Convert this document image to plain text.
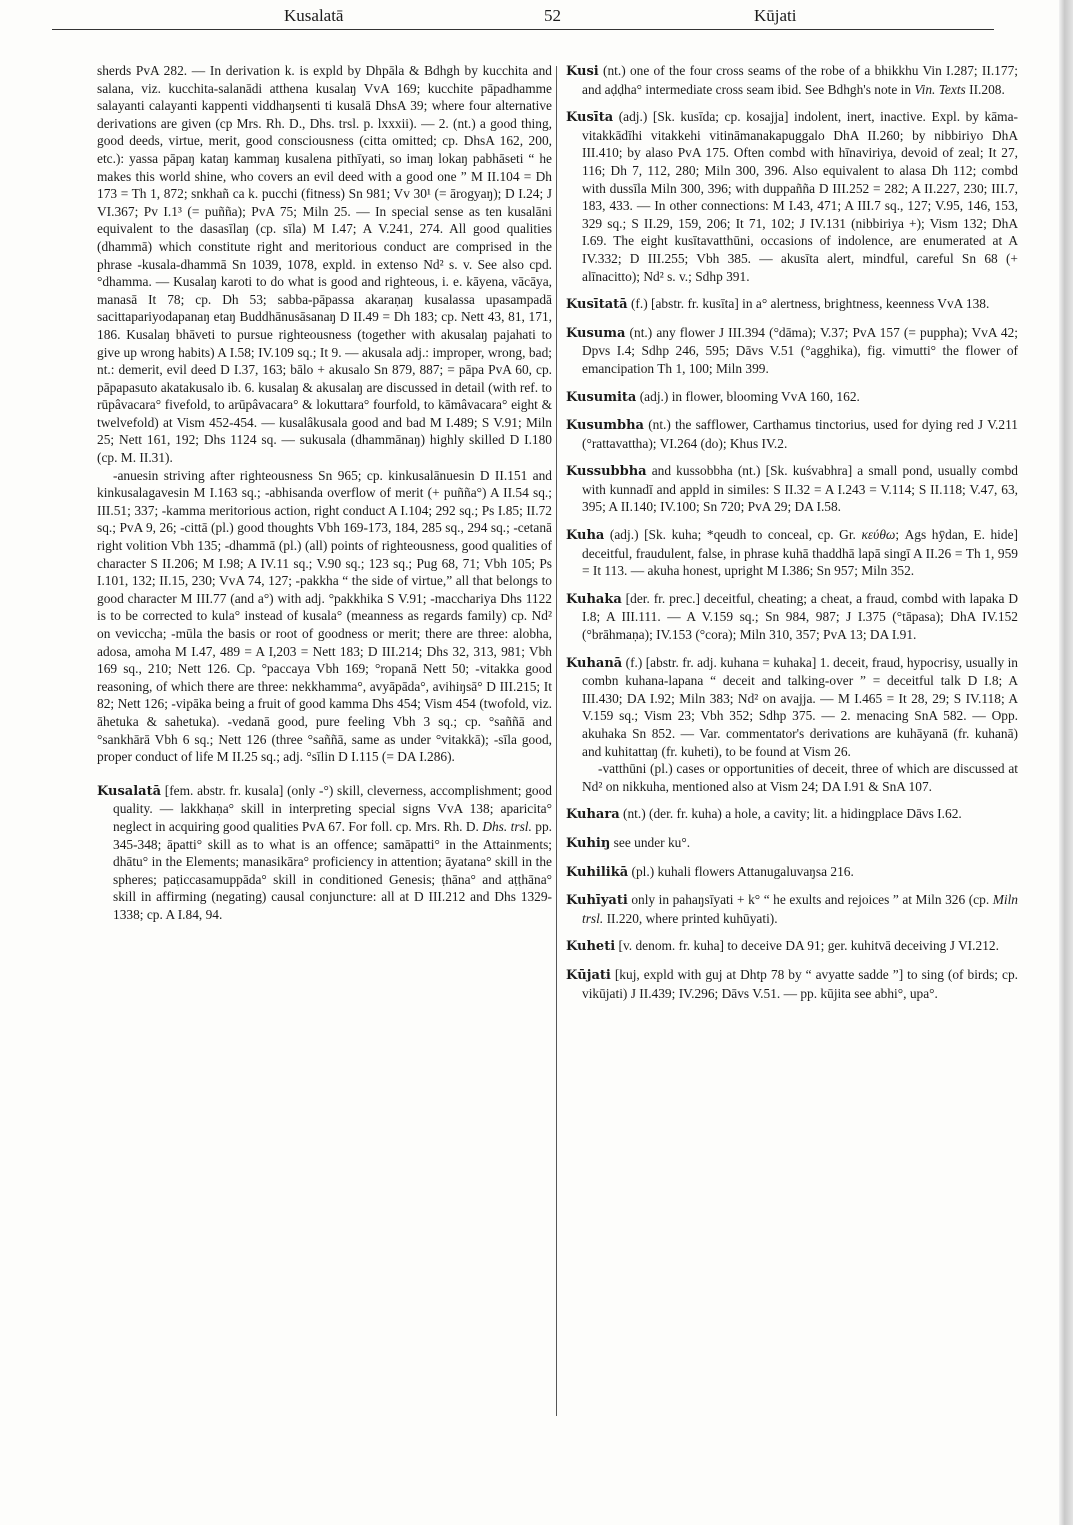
Kusalatā	52	Kūjati

sherds PvA 282. — In derivation k. is expld by Dhpāla & Bdhgh by kucchita and salana, viz. kucchita-salanādi atthena kusalaŋ VvA 169; kucchite pāpadhamme salayanti calayanti kappenti viddhaŋsenti ti kusalā DhsA 39; where four alternative derivations are given (cp Mrs. Rh. D., Dhs. trsl. p. lxxxii). — 2. (nt.) a good thing, good deeds, virtue, merit, good consciousness (citta omitted; cp. DhsA 162, 200, etc.): yassa pāpaŋ kataŋ kammaŋ kusalena pithīyati, so imaŋ lokaŋ pabhāseti “ he makes this world shine, who covers an evil deed with a good one ” M II.104 = Dh 173 = Th 1, 872; snkhañ ca k. pucchi (fitness) Sn 981; Vv 30¹ (= ārogyaŋ); D I.24; J VI.367; Pv I.1³ (= puñña); PvA 75; Miln 25. — In special sense as ten kusalāni equivalent to the dasasīlaŋ (cp. sīla) M I.47; A V.241, 274. All good qualities (dhammā) which constitute right and meritorious conduct are comprised in the phrase -kusala-dhammā Sn 1039, 1078, expld. in extenso Nd² s. v. See also cpd. °dhamma. — Kusalaŋ karoti to do what is good and righteous, i. e. kāyena, vācāya, manasā It 78; cp. Dh 53; sabba-pāpassa akaraṇaŋ kusalassa upasampadā sacittapariyodapanaŋ etaŋ Buddhānusāsanaŋ D II.49 = Dh 183; cp. Nett 43, 81, 171, 186. Kusalaŋ bhāveti to pursue righteousness (together with akusalaŋ pajahati to give up wrong habits) A I.58; IV.109 sq.; It 9. — akusala adj.: improper, wrong, bad; nt.: demerit, evil deed D I.37, 163; bālo + akusalo Sn 879, 887; = pāpa PvA 60, cp. pāpapasuto akatakusalo ib. 6. kusalaŋ & akusalaŋ are discussed in detail (with ref. to rūpâvacara° fivefold, to arūpâvacara° & lokuttara° fourfold, to kāmâvacara° eight & twelvefold) at Vism 452-454. — kusalâkusala good and bad M I.489; S V.91; Miln 25; Nett 161, 192; Dhs 1124 sq. — sukusala (dhammānaŋ) highly skilled D I.180 (cp. M. II.31).

-anuesin striving after righteousness Sn 965; cp. kinkusalānuesin D II.151 and kinkusalagavesin M I.163 sq.; -abhisanda overflow of merit (+ puñña°) A II.54 sq.; III.51; 337; -kamma meritorious action, right conduct A I.104; 292 sq.; Ps I.85; II.72 sq.; PvA 9, 26; -cittā (pl.) good thoughts Vbh 169-173, 184, 285 sq., 294 sq.; -cetanā right volition Vbh 135; -dhammā (pl.) (all) points of righteousness, good qualities of character S II.206; M I.98; A IV.11 sq.; V.90 sq.; 123 sq.; Pug 68, 71; Vbh 105; Ps I.101, 132; II.15, 230; VvA 74, 127; -pakkha “ the side of virtue,” all that belongs to good character M III.77 (and a°) with adj. °pakkhika S V.91; -macchariya Dhs 1122 is to be corrected to kula° instead of kusala° (meanness as regards family) cp. Nd² on veviccha; -mūla the basis or root of goodness or merit; there are three: alobha, adosa, amoha M I.47, 489 = A I,203 = Nett 183; D III.214; Dhs 32, 313, 981; Vbh 169 sq., 210; Nett 126. Cp. °paccaya Vbh 169; °ropanā Nett 50; -vitakka good reasoning, of which there are three: nekkhamma°, avyāpāda°, avihiŋsā° D III.215; It 82; Nett 126; -vipāka being a fruit of good kamma Dhs 454; Vism 454 (twofold, viz. āhetuka & sahetuka). -vedanā good, pure feeling Vbh 3 sq.; cp. °saññā and °sankhārā Vbh 6 sq.; Nett 126 (three °saññā, same as under °vitakkā); -sīla good, proper conduct of life M II.25 sq.; adj. °sīlin D I.115 (= DA I.286).

Kusalatā [fem. abstr. fr. kusala] (only -°) skill, cleverness, accomplishment; good quality. — lakkhaṇa° skill in interpreting special signs VvA 138; aparicita° neglect in acquiring good qualities PvA 67. For foll. cp. Mrs. Rh. D. Dhs. trsl. pp. 345-348; āpatti° skill as to what is an offence; samāpatti° in the Attainments; dhātu° in the Elements; manasikāra° proficiency in attention; āyatana° skill in the spheres; paṭiccasamuppāda° skill in conditioned Genesis; ṭhāna° and aṭṭhāna° skill in affirming (negating) causal conjuncture: all at D III.212 and Dhs 1329-1338; cp. A I.84, 94.

Kusi (nt.) one of the four cross seams of the robe of a bhikkhu Vin I.287; II.177; and aḍḍha° intermediate cross seam ibid. See Bdhgh's note in Vin. Texts II.208.

Kusīta (adj.) [Sk. kusīda; cp. kosajja] indolent, inert, inactive. Expl. by kāma-vitakkādīhi vitakkehi vitināmanakapuggalo DhA II.260; by nibbiriyo DhA III.410; by alaso PvA 175. Often combd with hīnaviriya, devoid of zeal; It 27, 116; Dh 7, 112, 280; Miln 300, 396. Also equivalent to alasa Dh 112; combd with dussīla Miln 300, 396; with duppañña D III.252 = 282; A II.227, 230; III.7, 183, 433. — In other connections: M I.43, 471; A III.7 sq., 127; V.95, 146, 153, 329 sq.; S II.29, 159, 206; It 71, 102; J IV.131 (nibbiriya +); Vism 132; DhA I.69. The eight kusītavatthūni, occasions of indolence, are enumerated at A IV.332; D III.255; Vbh 385. — akusīta alert, mindful, careful Sn 68 (+ alīnacitto); Nd² s. v.; Sdhp 391.

Kusītatā (f.) [abstr. fr. kusīta] in a° alertness, brightness, keenness VvA 138.

Kusuma (nt.) any flower J III.394 (°dāma); V.37; PvA 157 (= puppha); VvA 42; Dpvs I.4; Sdhp 246, 595; Dāvs V.51 (°agghika), fig. vimutti° the flower of emancipation Th 1, 100; Miln 399.

Kusumita (adj.) in flower, blooming VvA 160, 162.

Kusumbha (nt.) the safflower, Carthamus tinctorius, used for dying red J V.211 (°rattavattha); VI.264 (do); Khus IV.2.

Kussubbha and kussobbha (nt.) [Sk. kuśvabhra] a small pond, usually combd with kunnadī and appld in similes: S II.32 = A I.243 = V.114; S II.118; V.47, 63, 395; A II.140; IV.100; Sn 720; PvA 29; DA I.58.

Kuha (adj.) [Sk. kuha; *qeudh to conceal, cp. Gr. κεύθω; Ags hȳdan, E. hide] deceitful, fraudulent, false, in phrase kuhā thaddhā lapā singī A II.26 = Th 1, 959 = It 113. — akuha honest, upright M I.386; Sn 957; Miln 352.

Kuhaka [der. fr. prec.] deceitful, cheating; a cheat, a fraud, combd with lapaka D I.8; A III.111. — A V.159 sq.; Sn 984, 987; J I.375 (°tāpasa); DhA IV.152 (°brāhmaṇa); IV.153 (°cora); Miln 310, 357; PvA 13; DA I.91.

Kuhanā (f.) [abstr. fr. adj. kuhana = kuhaka] 1. deceit, fraud, hypocrisy, usually in combn kuhana-lapana “ deceit and talking-over ” = deceitful talk D I.8; A III.430; DA I.92; Miln 383; Nd² on avajja. — M I.465 = It 28, 29; S IV.118; A V.159 sq.; Vism 23; Vbh 352; Sdhp 375. — 2. menacing SnA 582. — Opp. akuhaka Sn 852. — Var. commentator's derivations are kuhāyanā (fr. kuhanā) and kuhitattaŋ (fr. kuheti), to be found at Vism 26.
-vatthūni (pl.) cases or opportunities of deceit, three of which are discussed at Nd² on nikkuha, mentioned also at Vism 24; DA I.91 & SnA 107.

Kuhara (nt.) (der. fr. kuha) a hole, a cavity; lit. a hidingplace Dāvs I.62.

Kuhiŋ see under ku°.

Kuhilikā (pl.) kuhali flowers Attanugaluvaŋsa 216.

Kuhīyati only in pahaŋsīyati + k° “ he exults and rejoices ” at Miln 326 (cp. Miln trsl. II.220, where printed kuhūyati).

Kuheti [v. denom. fr. kuha] to deceive DA 91; ger. kuhitvā deceiving J VI.212.

Kūjati [kuj, expld with guj at Dhtp 78 by “ avyatte sadde ”] to sing (of birds; cp. vikūjati) J II.439; IV.296; Dāvs V.51. — pp. kūjita see abhi°, upa°.
